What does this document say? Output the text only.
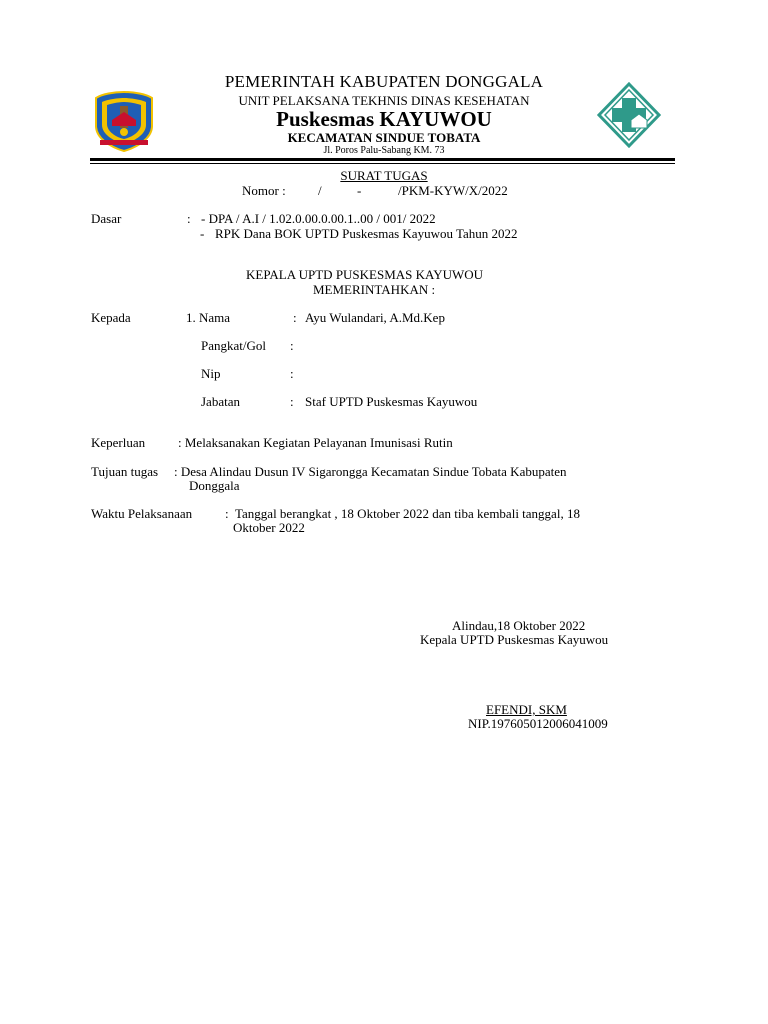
PEMERINTAH KABUPATEN DONGGALA
UNIT PELAKSANA TEKHNIS DINAS KESEHATAN
Puskesmas KAYUWOU
KECAMATAN SINDUE TOBATA
Jl. Poros Palu-Sabang KM. 73
SURAT TUGAS
Nomor : /	-	/PKM-KYW/X/2022
Dasar	: - DPA / A.I / 1.02.0.00.0.00.1..00 / 001/ 2022
- RPK Dana BOK UPTD Puskesmas Kayuwou Tahun 2022
KEPALA UPTD PUSKESMAS KAYUWOU
MEMERINTAHKAN :
Kepada	1. Nama	: Ayu Wulandari, A.Md.Kep
Pangkat/Gol :
Nip	:
Jabatan	: Staf UPTD Puskesmas Kayuwou
Keperluan	: Melaksanakan Kegiatan Pelayanan Imunisasi Rutin
Tujuan tugas : Desa Alindau Dusun IV Sigarongga Kecamatan Sindue Tobata Kabupaten
Donggala
Waktu Pelaksanaan	: Tanggal berangkat , 18 Oktober 2022 dan tiba kembali tanggal, 18
Oktober 2022
Alindau,18 Oktober 2022
Kepala UPTD Puskesmas Kayuwou
EFENDI, SKM
NIP.197605012006041009
